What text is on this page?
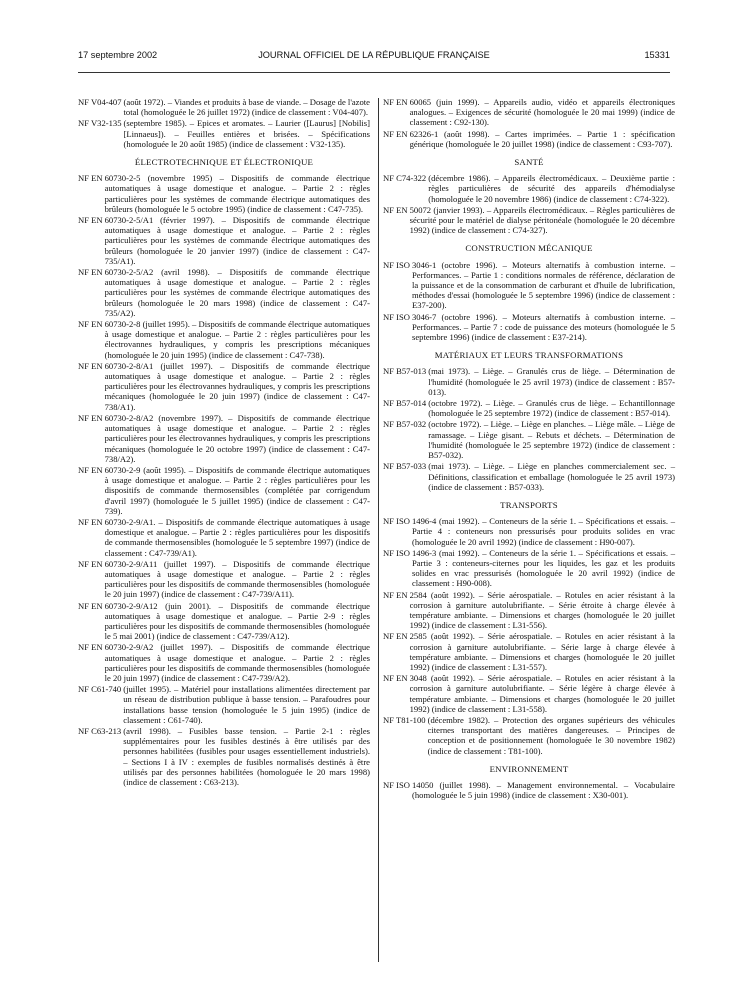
17 septembre 2002	JOURNAL OFFICIEL DE LA RÉPUBLIQUE FRANÇAISE	15331
NF V04-407 (août 1972). – Viandes et produits à base de viande. – Dosage de l'azote total (homologuée le 26 juillet 1972) (indice de classement : V04-407).
NF V32-135 (septembre 1985). – Epices et aromates. – Laurier ([Laurus] [Nobilis] [Linnaeus]). – Feuilles entières et brisées. – Spécifications (homologuée le 20 août 1985) (indice de classement : V32-135).
ÉLECTROTECHNIQUE ET ÉLECTRONIQUE
NF EN 60730-2-5 (novembre 1995) – Dispositifs de commande électrique automatiques à usage domestique et analogue. – Partie 2 : règles particulières pour les systèmes de commande électrique automatiques des brûleurs (homologuée le 5 octobre 1995) (indice de classement : C47-735).
NF EN 60730-2-5/A1 (février 1997). – Dispositifs de commande électrique automatiques à usage domestique et analogue. – Partie 2 : règles particulières pour les systèmes de commande électrique automatiques des brûleurs (homologuée le 20 janvier 1997) (indice de classement : C47-735/A1).
NF EN 60730-2-5/A2 (avril 1998). – Dispositifs de commande électrique automatiques à usage domestique et analogue. – Partie 2 : règles particulières pour les systèmes de commande électrique automatiques des brûleurs (homologuée le 20 mars 1998) (indice de classement : C47-735/A2).
NF EN 60730-2-8 (juillet 1995). – Dispositifs de commande électrique automatiques à usage domestique et analogue. – Partie 2 : règles particulières pour les électrovannes hydrauliques, y compris les prescriptions mécaniques (homologuée le 20 juin 1995) (indice de classement : C47-738).
NF EN 60730-2-8/A1 (juillet 1997). – Dispositifs de commande électrique automatiques à usage domestique et analogue. – Partie 2 : règles particulières pour les électrovannes hydrauliques, y compris les prescriptions mécaniques (homologuée le 20 juin 1997) (indice de classement : C47-738/A1).
NF EN 60730-2-8/A2 (novembre 1997). – Dispositifs de commande électrique automatiques à usage domestique et analogue. – Partie 2 : règles particulières pour les électrovannes hydrauliques, y compris les prescriptions mécaniques (homologuée le 20 octobre 1997) (indice de classement : C47-738/A2).
NF EN 60730-2-9 (août 1995). – Dispositifs de commande électrique automatiques à usage domestique et analogue. – Partie 2 : règles particulières pour les dispositifs de commande thermosensibles (complétée par corrigendum d'avril 1997) (homologuée le 5 juillet 1995) (indice de classement : C47-739).
NF EN 60730-2-9/A1. – Dispositifs de commande électrique automatiques à usage domestique et analogue. – Partie 2 : règles particulières pour les dispositifs de commande thermosensibles (homologuée le 5 septembre 1997) (indice de classement : C47-739/A1).
NF EN 60730-2-9/A11 (juillet 1997). – Dispositifs de commande électrique automatiques à usage domestique et analogue. – Partie 2 : règles particulières pour les dispositifs de commande thermosensibles (homologuée le 20 juin 1997) (indice de classement : C47-739/A11).
NF EN 60730-2-9/A12 (juin 2001). – Dispositifs de commande électrique automatiques à usage domestique et analogue. – Partie 2-9 : règles particulières pour les dispositifs de commande thermosensibles (homologuée le 5 mai 2001) (indice de classement : C47-739/A12).
NF EN 60730-2-9/A2 (juillet 1997). – Dispositifs de commande électrique automatiques à usage domestique et analogue. – Partie 2 : règles particulières pour les dispositifs de commande thermosensibles (homologuée le 20 juin 1997) (indice de classement : C47-739/A2).
NF C61-740 (juillet 1995). – Matériel pour installations alimentées directement par un réseau de distribution publique à basse tension. – Parafoudres pour installations basse tension (homologuée le 5 juin 1995) (indice de classement : C61-740).
NF C63-213 (avril 1998). – Fusibles basse tension. – Partie 2-1 : règles supplémentaires pour les fusibles destinés à être utilisés par des personnes habilitées (fusibles pour usages essentiellement industriels). – Sections I à IV : exemples de fusibles normalisés destinés à être utilisés par des personnes habilitées (homologuée le 20 mars 1998) (indice de classement : C63-213).
NF EN 60065 (juin 1999). – Appareils audio, vidéo et appareils électroniques analogues. – Exigences de sécurité (homologuée le 20 mai 1999) (indice de classement : C92-130).
NF EN 62326-1 (août 1998). – Cartes imprimées. – Partie 1 : spécification générique (homologuée le 20 juillet 1998) (indice de classement : C93-707).
SANTÉ
NF C74-322 (décembre 1986). – Appareils électromédicaux. – Deuxième partie : règles particulières de sécurité des appareils d'hémodialyse (homologuée le 20 novembre 1986) (indice de classement : C74-322).
NF EN 50072 (janvier 1993). – Appareils électromédicaux. – Règles particulières de sécurité pour le matériel de dialyse péritonéale (homologuée le 20 décembre 1992) (indice de classement : C74-327).
CONSTRUCTION MÉCANIQUE
NF ISO 3046-1 (octobre 1996). – Moteurs alternatifs à combustion interne. – Performances. – Partie 1 : conditions normales de référence, déclaration de la puissance et de la consommation de carburant et d'huile de lubrification, méthodes d'essai (homologuée le 5 septembre 1996) (indice de classement : E37-200).
NF ISO 3046-7 (octobre 1996). – Moteurs alternatifs à combustion interne. – Performances. – Partie 7 : code de puissance des moteurs (homologuée le 5 septembre 1996) (indice de classement : E37-214).
MATÉRIAUX ET LEURS TRANSFORMATIONS
NF B57-013 (mai 1973). – Liège. – Granulés crus de liège. – Détermination de l'humidité (homologuée le 25 avril 1973) (indice de classement : B57-013).
NF B57-014 (octobre 1972). – Liège. – Granulés crus de liège. – Echantillonnage (homologuée le 25 septembre 1972) (indice de classement : B57-014).
NF B57-032 (octobre 1972). – Liège. – Liège en planches. – Liège mâle. – Liège de ramassage. – Liège gisant. – Rebuts et déchets. – Détermination de l'humidité (homologuée le 25 septembre 1972) (indice de classement : B57-032).
NF B57-033 (mai 1973). – Liège. – Liège en planches commercialement sec. – Définitions, classification et emballage (homologuée le 25 avril 1973) (indice de classement : B57-033).
TRANSPORTS
NF ISO 1496-4 (mai 1992). – Conteneurs de la série 1. – Spécifications et essais. – Partie 4 : conteneurs non pressurisés pour produits solides en vrac (homologuée le 20 avril 1992) (indice de classement : H90-007).
NF ISO 1496-3 (mai 1992). – Conteneurs de la série 1. – Spécifications et essais. – Partie 3 : conteneurs-citernes pour les liquides, les gaz et les produits solides en vrac pressurisés (homologuée le 20 avril 1992) (indice de classement : H90-008).
NF EN 2584 (août 1992). – Série aérospatiale. – Rotules en acier résistant à la corrosion à garniture autolubrifiante. – Série étroite à charge élevée à température ambiante. – Dimensions et charges (homologuée le 20 juillet 1992) (indice de classement : L31-556).
NF EN 2585 (août 1992). – Série aérospatiale. – Rotules en acier résistant à la corrosion à garniture autolubrifiante. – Série large à charge élevée à température ambiante. – Dimensions et charges (homologuée le 20 juillet 1992) (indice de classement : L31-557).
NF EN 3048 (août 1992). – Série aérospatiale. – Rotules en acier résistant à la corrosion à garniture autolubrifiante. – Série légère à charge élevée à température ambiante. – Dimensions et charges (homologuée le 20 juillet 1992) (indice de classement : L31-558).
NF T81-100 (décembre 1982). – Protection des organes supérieurs des véhicules citernes transportant des matières dangereuses. – Principes de conception et de positionnement (homologuée le 30 novembre 1982) (indice de classement : T81-100).
ENVIRONNEMENT
NF ISO 14050 (juillet 1998). – Management environnemental. – Vocabulaire (homologuée le 5 juin 1998) (indice de classement : X30-001).
